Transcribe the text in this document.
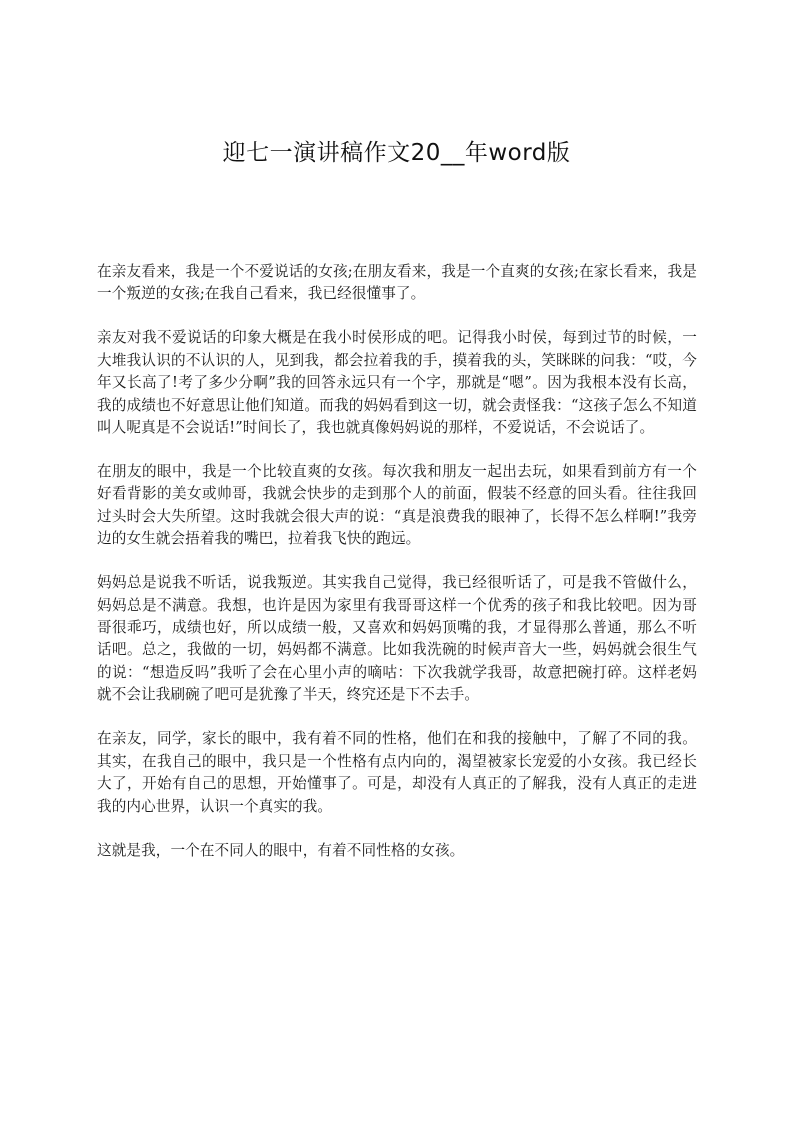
迎七一演讲稿作文20__年word版

在亲友看来，我是一个不爱说话的女孩;在朋友看来，我是一个直爽的女孩;在家长看来，我是一个叛逆的女孩;在我自己看来，我已经很懂事了。

亲友对我不爱说话的印象大概是在我小时侯形成的吧。记得我小时侯，每到过节的时候，一大堆我认识的不认识的人，见到我，都会拉着我的手，摸着我的头，笑眯眯的问我：“哎，今年又长高了!考了多少分啊”我的回答永远只有一个字，那就是“嗯”。因为我根本没有长高，我的成绩也不好意思让他们知道。而我的妈妈看到这一切，就会责怪我：“这孩子怎么不知道叫人呢真是不会说话!”时间长了，我也就真像妈妈说的那样，不爱说话，不会说话了。

在朋友的眼中，我是一个比较直爽的女孩。每次我和朋友一起出去玩，如果看到前方有一个好看背影的美女或帅哥，我就会快步的走到那个人的前面，假装不经意的回头看。往往我回过头时会大失所望。这时我就会很大声的说：“真是浪费我的眼神了，长得不怎么样啊!”我旁边的女生就会捂着我的嘴巴，拉着我飞快的跑远。

妈妈总是说我不听话，说我叛逆。其实我自己觉得，我已经很听话了，可是我不管做什么，妈妈总是不满意。我想，也许是因为家里有我哥哥这样一个优秀的孩子和我比较吧。因为哥哥很乖巧，成绩也好，所以成绩一般，又喜欢和妈妈顶嘴的我，才显得那么普通，那么不听话吧。总之，我做的一切，妈妈都不满意。比如我洗碗的时候声音大一些，妈妈就会很生气的说：“想造反吗”我听了会在心里小声的嘀咕：下次我就学我哥，故意把碗打碎。这样老妈就不会让我刷碗了吧可是犹豫了半天，终究还是下不去手。

在亲友，同学，家长的眼中，我有着不同的性格，他们在和我的接触中，了解了不同的我。其实，在我自己的眼中，我只是一个性格有点内向的，渴望被家长宠爱的小女孩。我已经长大了，开始有自己的思想，开始懂事了。可是，却没有人真正的了解我，没有人真正的走进我的内心世界，认识一个真实的我。

这就是我，一个在不同人的眼中，有着不同性格的女孩。
